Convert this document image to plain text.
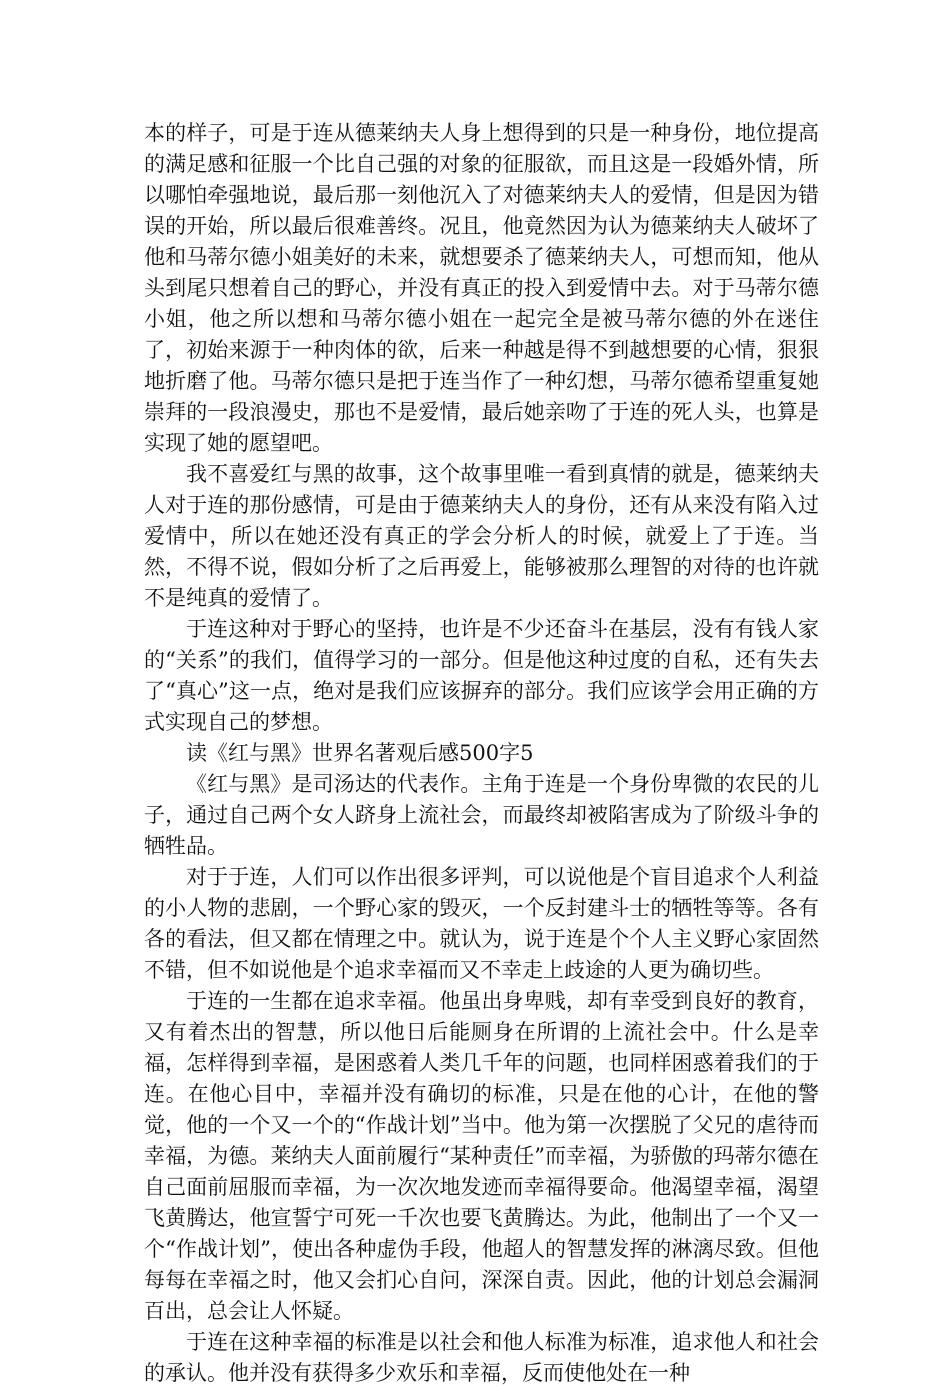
本的样子，可是于连从德莱纳夫人身上想得到的只是一种身份，地位提高的满足感和征服一个比自己强的对象的征服欲，而且这是一段婚外情，所以哪怕牵强地说，最后那一刻他沉入了对德莱纳夫人的爱情，但是因为错误的开始，所以最后很难善终。况且，他竟然因为认为德莱纳夫人破坏了他和马蒂尔德小姐美好的未来，就想要杀了德莱纳夫人，可想而知，他从头到尾只想着自己的野心，并没有真正的投入到爱情中去。对于马蒂尔德小姐，他之所以想和马蒂尔德小姐在一起完全是被马蒂尔德的外在迷住了，初始来源于一种肉体的欲，后来一种越是得不到越想要的心情，狠狠地折磨了他。马蒂尔德只是把于连当作了一种幻想，马蒂尔德希望重复她崇拜的一段浪漫史，那也不是爱情，最后她亲吻了于连的死人头，也算是实现了她的愿望吧。

我不喜爱红与黑的故事，这个故事里唯一看到真情的就是，德莱纳夫人对于连的那份感情，可是由于德莱纳夫人的身份，还有从来没有陷入过爱情中，所以在她还没有真正的学会分析人的时候，就爱上了于连。当然，不得不说，假如分析了之后再爱上，能够被那么理智的对待的也许就不是纯真的爱情了。

于连这种对于野心的坚持，也许是不少还奋斗在基层，没有有钱人家的“关系”的我们，值得学习的一部分。但是他这种过度的自私，还有失去了“真心”这一点，绝对是我们应该摒弃的部分。我们应该学会用正确的方式实现自己的梦想。

读《红与黑》世界名著观后感500字5

《红与黑》是司汤达的代表作。主角于连是一个身份卑微的农民的儿子，通过自己两个女人跻身上流社会，而最终却被陷害成为了阶级斗争的牺牲品。

对于于连，人们可以作出很多评判，可以说他是个盲目追求个人利益的小人物的悲剧，一个野心家的毁灭，一个反封建斗士的牺牲等等。各有各的看法，但又都在情理之中。就认为，说于连是个个人主义野心家固然不错，但不如说他是个追求幸福而又不幸走上歧途的人更为确切些。

于连的一生都在追求幸福。他虽出身卑贱，却有幸受到良好的教育，又有着杰出的智慧，所以他日后能厕身在所谓的上流社会中。什么是幸福，怎样得到幸福，是困惑着人类几千年的问题，也同样困惑着我们的于连。在他心目中，幸福并没有确切的标准，只是在他的心计，在他的警觉，他的一个又一个的“作战计划”当中。他为第一次摆脱了父兄的虐待而幸福，为德。莱纳夫人面前履行“某种责任”而幸福，为骄傲的玛蒂尔德在自己面前屈服而幸福，为一次次地发迹而幸福得要命。他渴望幸福，渴望飞黄腾达，他宣誓宁可死一千次也要飞黄腾达。为此，他制出了一个又一个“作战计划”，使出各种虚伪手段，他超人的智慧发挥的淋漓尽致。但他每每在幸福之时，他又会扪心自问，深深自责。因此，他的计划总会漏洞百出，总会让人怀疑。

于连在这种幸福的标准是以社会和他人标准为标准，追求他人和社会的承认。他并没有获得多少欢乐和幸福，反而使他处在一种
